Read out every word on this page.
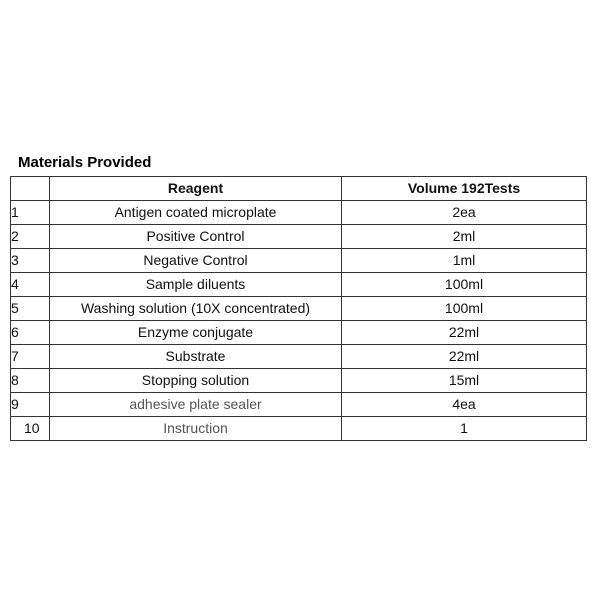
Materials Provided
	Reagent	Volume 192Tests
1	Antigen coated microplate	2ea
2	Positive Control	2ml
3	Negative Control	1ml
4	Sample diluents	100ml
5	Washing solution (10X concentrated)	100ml
6	Enzyme conjugate	22ml
7	Substrate	22ml
8	Stopping solution	15ml
9	adhesive plate sealer	4ea
10	Instruction	1
